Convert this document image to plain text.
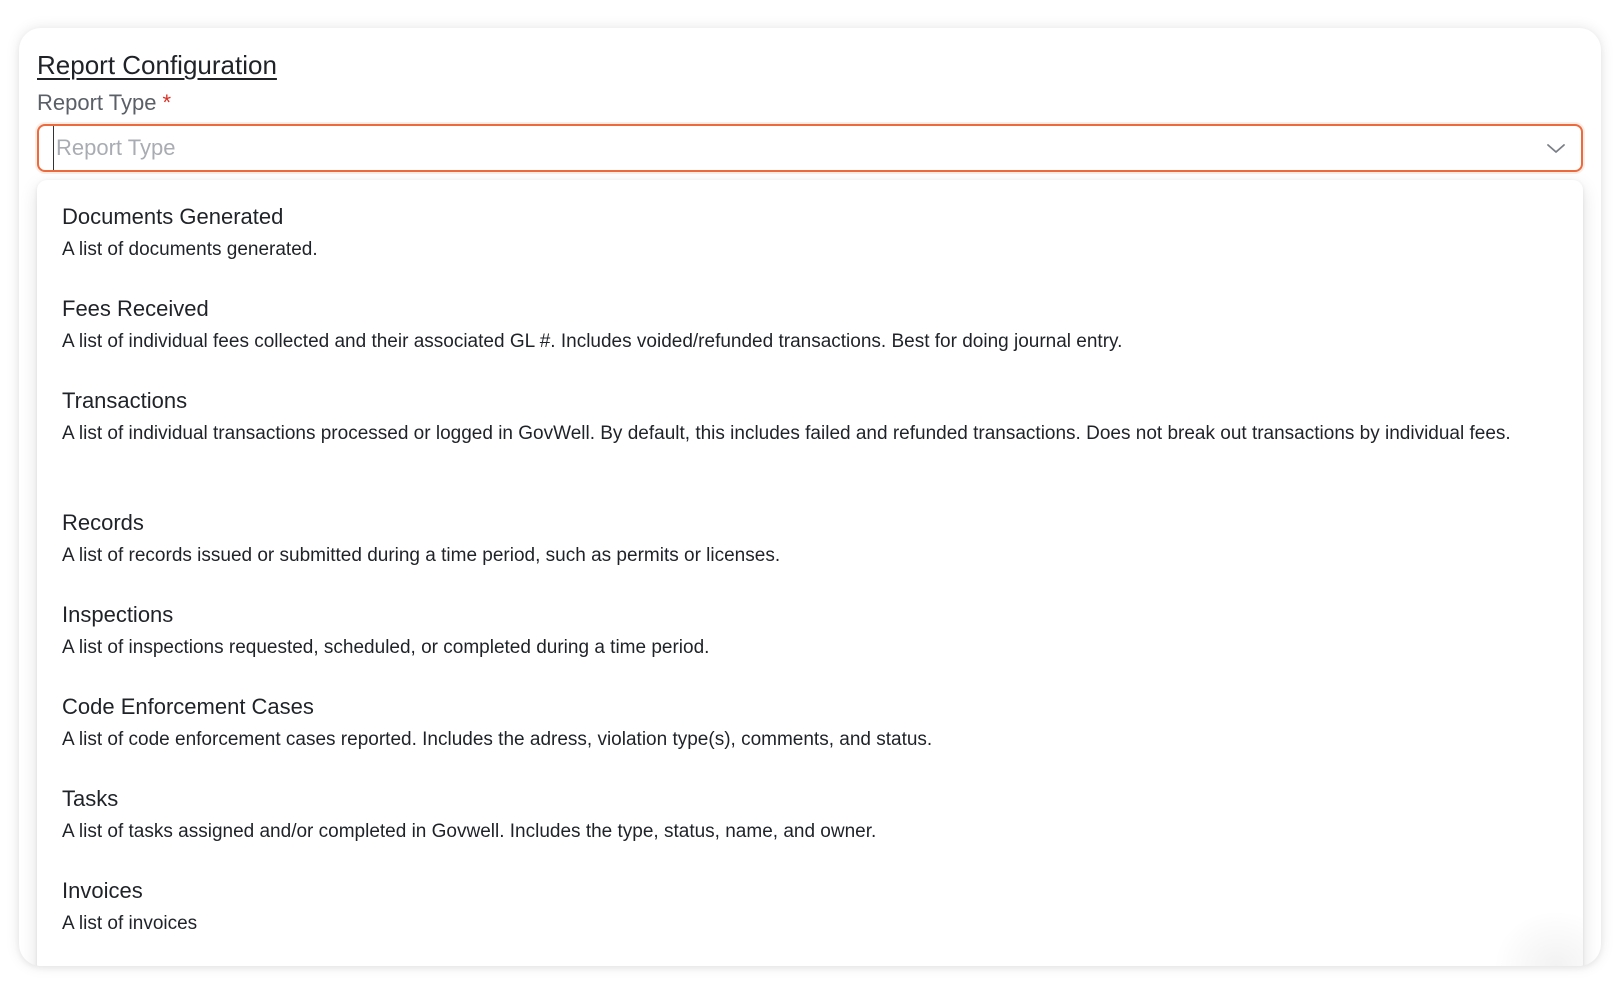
Report Configuration
Report Type *
Report Type

Documents Generated

A list of documents generated.

Fees Received

A list of individual fees collected and their associated GL #. Includes voided/refunded transactions. Best for doing journal entry.

Transactions

A list of individual transactions processed or logged in GovWell. By default, this includes failed and refunded transactions. Does not break out transactions by individual fees.

Records

A list of records issued or submitted during a time period, such as permits or licenses.

Inspections

A list of inspections requested, scheduled, or completed during a time period.

Code Enforcement Cases

A list of code enforcement cases reported. Includes the adress, violation type(s), comments, and status.

Tasks

A list of tasks assigned and/or completed in Govwell. Includes the type, status, name, and owner.

Invoices

A list of invoices
